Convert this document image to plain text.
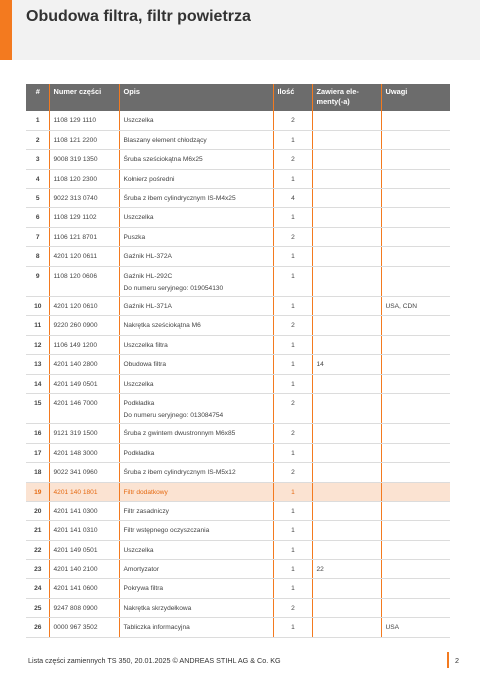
Obudowa filtra, filtr powietrza
#	Numer części	Opis	Ilość	Zawiera ele-menty(-a)	Uwagi
1	1108 129 1110	Uszczelka	2		
2	1108 121 2200	Blaszany element chłodzący	1		
3	9008 319 1350	Śruba sześciokątna M6x25	2		
4	1108 120 2300	Kołnierz pośredni	1		
5	9022 313 0740	Śruba z łbem cylindrycznym IS-M4x25	4		
6	1108 129 1102	Uszczelka	1		
7	1106 121 8701	Puszka	2		
8	4201 120 0611	Gaźnik HL-372A	1		
9	1108 120 0606	Gaźnik HL-292C
Do numeru seryjnego: 019054130	1		
10	4201 120 0610	Gaźnik HL-371A	1		USA, CDN
11	9220 260 0900	Nakrętka sześciokątna M6	2		
12	1106 149 1200	Uszczelka filtra	1		
13	4201 140 2800	Obudowa filtra	1	14	
14	4201 149 0501	Uszczelka	1		
15	4201 146 7000	Podkładka
Do numeru seryjnego: 013084754	2		
16	9121 319 1500	Śruba z gwintem dwustronnym M6x85	2		
17	4201 148 3000	Podkładka	1		
18	9022 341 0960	Śruba z łbem cylindrycznym IS-M5x12	2		
19	4201 140 1801	Filtr dodatkowy	1		
20	4201 141 0300	Filtr zasadniczy	1		
21	4201 141 0310	Filtr wstępnego oczyszczania	1		
22	4201 149 0501	Uszczelka	1		
23	4201 140 2100	Amortyzator	1	22	
24	4201 141 0600	Pokrywa filtra	1		
25	9247 808 0900	Nakrętka skrzydełkowa	2		
26	0000 967 3502	Tabliczka informacyjna	1		USA
Lista części zamiennych TS 350, 20.01.2025 © ANDREAS STIHL AG & Co. KG	2
